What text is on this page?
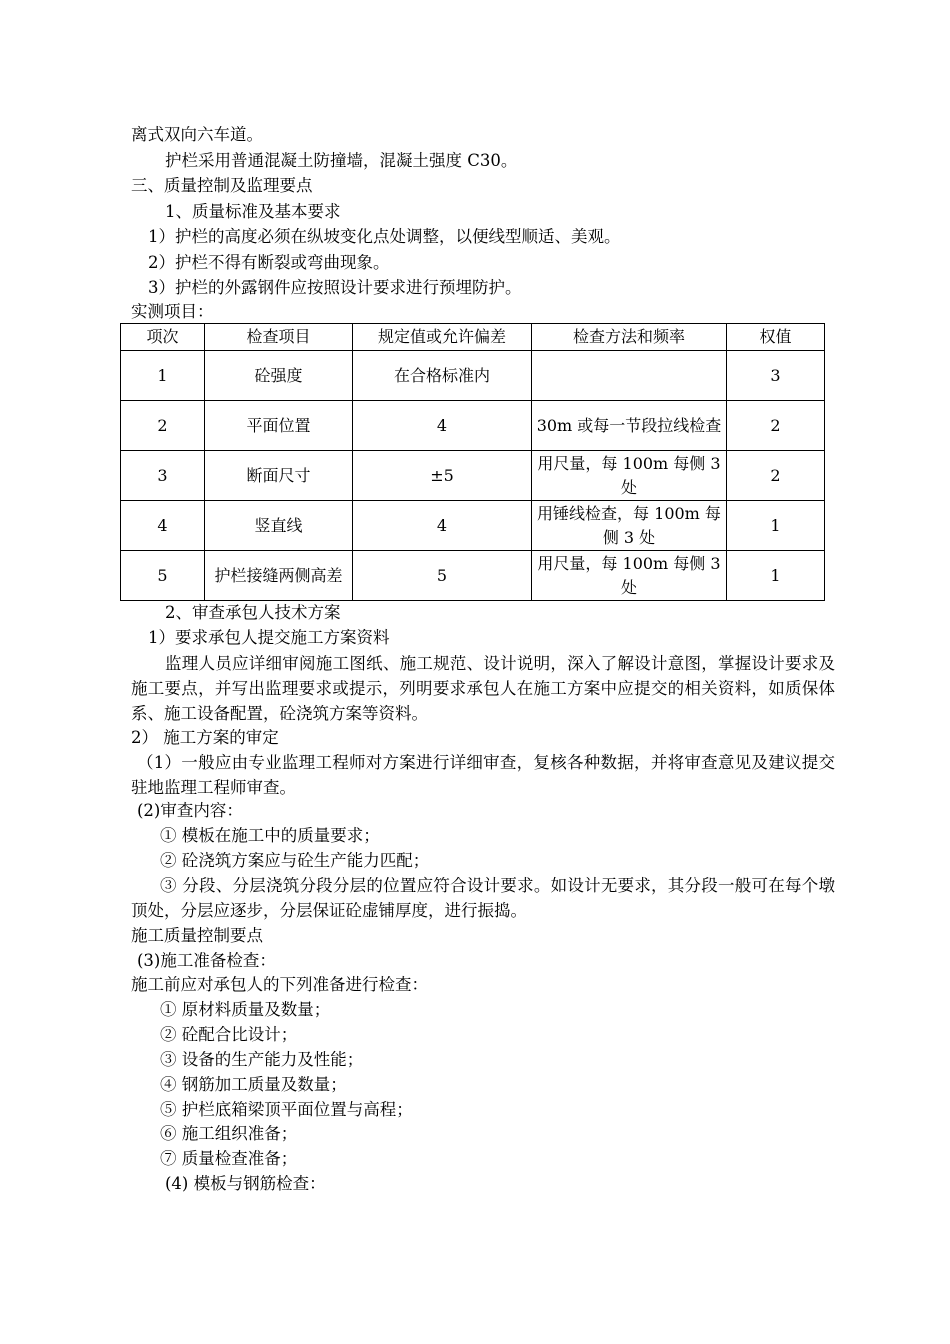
离式双向六车道。
护栏采用普通混凝土防撞墙，混凝土强度 C30。
三、质量控制及监理要点
1、质量标准及基本要求
1）护栏的高度必须在纵坡变化点处调整，以便线型顺适、美观。
2）护栏不得有断裂或弯曲现象。
3）护栏的外露钢件应按照设计要求进行预埋防护。
实测项目：
项次	检查项目	规定值或允许偏差	检查方法和频率	权值
1	砼强度	在合格标准内		3
2	平面位置	4	30m 或每一节段拉线检查	2
3	断面尺寸	±5	用尺量，每 100m 每侧 3 处	2
4	竖直线	4	用锤线检查，每 100m 每侧 3 处	1
5	护栏接缝两侧高差	5	用尺量，每 100m 每侧 3 处	1
2、审查承包人技术方案
1）要求承包人提交施工方案资料
监理人员应详细审阅施工图纸、施工规范、设计说明，深入了解设计意图，掌握设计要求及施工要点，并写出监理要求或提示，列明要求承包人在施工方案中应提交的相关资料，如质保体系、施工设备配置，砼浇筑方案等资料。
2） 施工方案的审定
（1）一般应由专业监理工程师对方案进行详细审查，复核各种数据，并将审查意见及建议提交驻地监理工程师审查。
(2)审查内容：
① 模板在施工中的质量要求；
② 砼浇筑方案应与砼生产能力匹配；
③ 分段、分层浇筑分段分层的位置应符合设计要求。如设计无要求，其分段一般可在每个墩顶处，分层应逐步，分层保证砼虚铺厚度，进行振捣。
施工质量控制要点
(3)施工准备检查：
施工前应对承包人的下列准备进行检查：
① 原材料质量及数量；
② 砼配合比设计；
③ 设备的生产能力及性能；
④ 钢筋加工质量及数量；
⑤ 护栏底箱梁顶平面位置与高程；
⑥ 施工组织准备；
⑦ 质量检查准备；
(4) 模板与钢筋检查：
